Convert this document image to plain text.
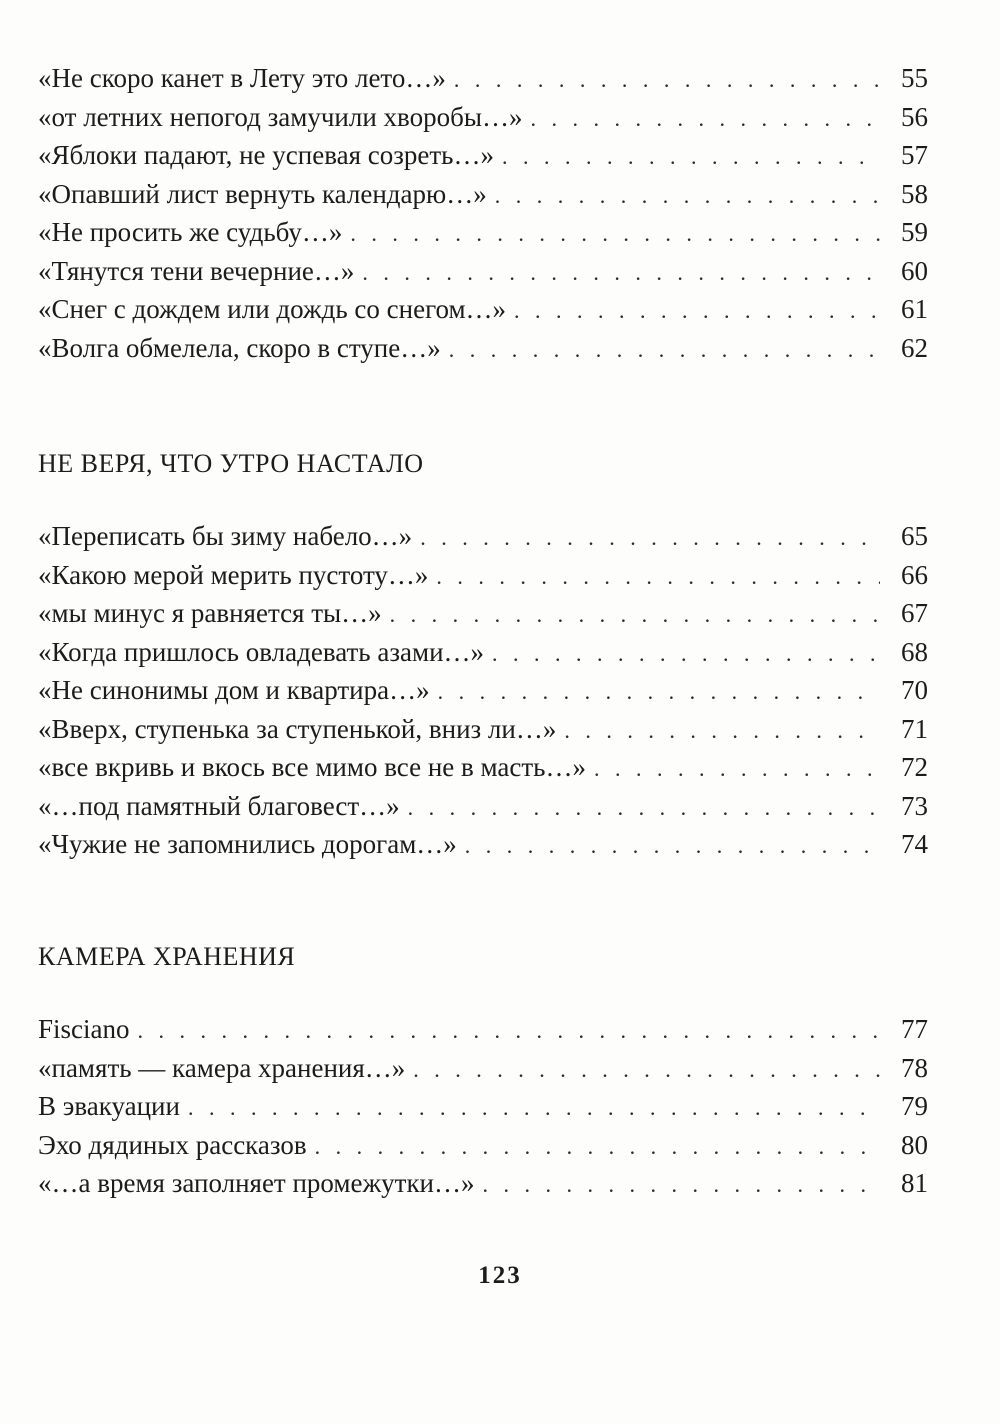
«Не скоро канет в Лету это лето…» . . .	55
«от летних непогод замучили хворобы…» . . .	56
«Яблоки падают, не успевая созреть…» . . .	57
«Опавший лист вернуть календарю…» . . .	58
«Не просить же судьбу…» . . .	59
«Тянутся тени вечерние…» . . .	60
«Снег с дождем или дождь со снегом…» . . .	61
«Волга обмелела, скоро в ступе…» . . .	62
НЕ ВЕРЯ, ЧТО УТРО НАСТАЛО
«Переписать бы зиму набело…» . . .	65
«Какою мерой мерить пустоту…» . . .	66
«мы минус я равняется ты…» . . .	67
«Когда пришлось овладевать азами…» . . .	68
«Не синонимы дом и квартира…» . . .	70
«Вверх, ступенька за ступенькой, вниз ли…» . . .	71
«все вкривь и вкось все мимо все не в масть…» . . .	72
«…под памятный благовест…» . . .	73
«Чужие не запомнились дорогам…» . . .	74
КАМЕРА ХРАНЕНИЯ
Fisciano . . .	77
«память — камера хранения…» . . .	78
В эвакуации . . .	79
Эхо дядиных рассказов . . .	80
«…а время заполняет промежутки…» . . .	81
123
